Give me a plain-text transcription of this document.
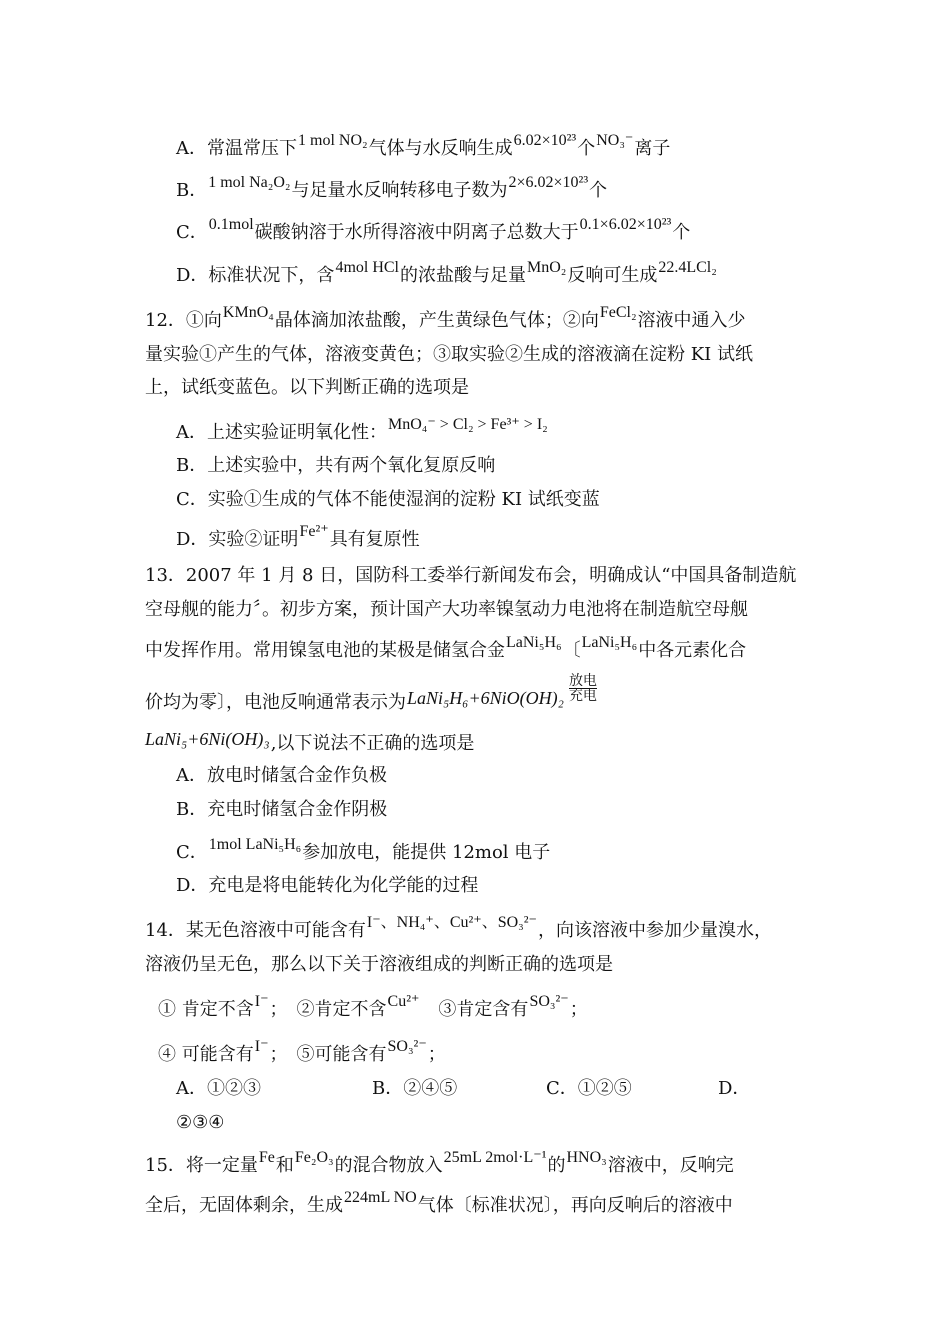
A．常温常压下1 mol NO₂气体与水反响生成6.02×10²³个NO₃⁻离子
B．1 mol Na₂O₂与足量水反响转移电子数为2×6.02×10²³个
C．0.1mol碳酸钠溶于水所得溶液中阴离子总数大于0.1×6.02×10²³个
D．标准状况下，含4mol HCl的浓盐酸与足量MnO₂反响可生成22.4LCl₂
12．①向KMnO₄晶体滴加浓盐酸，产生黄绿色气体；②向FeCl₂溶液中通入少
量实验①产生的气体，溶液变黄色；③取实验②生成的溶液滴在淀粉 KI 试纸
上，试纸变蓝色。以下判断正确的选项是
A．上述实验证明氧化性：MnO₄⁻ > Cl₂ > Fe³⁺ > I₂
B．上述实验中，共有两个氧化复原反响
C．实验①生成的气体不能使湿润的淀粉 KI 试纸变蓝
D．实验②证明Fe²⁺具有复原性
13．2007 年 1 月 8 日，国防科工委举行新闻发布会，明确成认“中国具备制造航
空母舰的能力〞。初步方案，预计国产大功率镍氢动力电池将在制造航空母舰
中发挥作用。常用镍氢电池的某极是储氢合金LaNi₅H₆〔LaNi₅H₆中各元素化合
价均为零〕，电池反响通常表示为LaNi₅H₆+6NiO(OH)₂
放电
充电
LaNi₅+6Ni(OH)₃,以下说法不正确的选项是
A．放电时储氢合金作负极
B．充电时储氢合金作阴极
C．1mol LaNi₅H₆参加放电，能提供 12mol 电子
D．充电是将电能转化为化学能的过程
14．某无色溶液中可能含有I⁻、NH₄⁺、Cu²⁺、SO₃²⁻，向该溶液中参加少量溴水，
溶液仍呈无色，那么以下关于溶液组成的判断正确的选项是
① 肯定不含I⁻；　②肯定不含Cu²⁺　③肯定含有SO₃²⁻；
④ 可能含有I⁻；　⑤可能含有SO₃²⁻；
A．①②③	B．②④⑤	C．①②⑤	D．
②③④
15．将一定量Fe和Fe₂O₃的混合物放入25mL 2mol·L⁻¹的HNO₃溶液中，反响完
全后，无固体剩余，生成224mL NO气体〔标准状况〕，再向反响后的溶液中
